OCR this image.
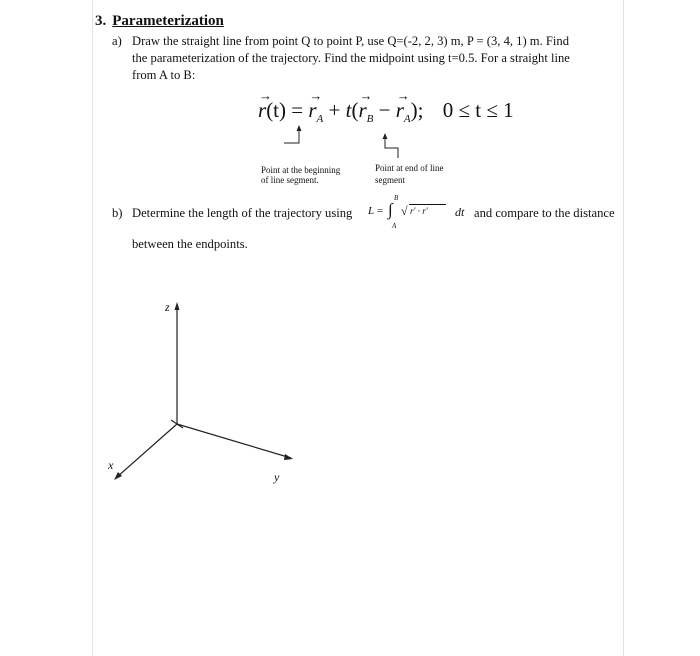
3. Parameterization
a) Draw the straight line from point Q to point P, use Q=(-2, 2, 3) m, P = (3, 4, 1) m. Find
the parameterization of the trajectory. Find the midpoint using t=0.5. For a straight line
from A to B:
→
r(t) =
→
$r_A + t$(
→
$r_B$ −
→
$r_A$); 0 ≤ t ≤ 1
Point at the beginning
of line segment.
Point at end of line
segment
b) Determine the length of the trajectory using L = ∫
B
A
√ r′ · r′ dt and compare to the distance
between the endpoints.
z
x
y
